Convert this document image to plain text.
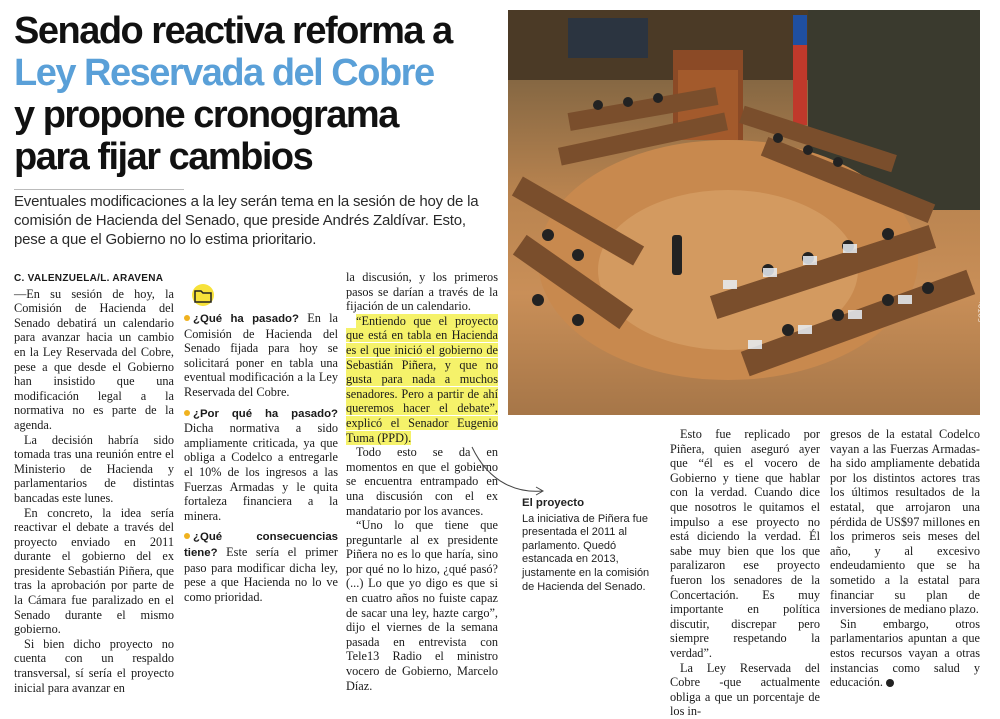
Senado reactiva reforma a
Ley Reservada del Cobre
y propone cronograma
para fijar cambios
Eventuales modificaciones a la ley serán tema en la sesión de hoy de la comisión de Hacienda del Senado, que preside Andrés Zaldívar. Esto, pese a que el Gobierno no lo estima prioritario.
FOTO: AGENCIAUNO
C. VALENZUELA/L. ARAVENA

—En su sesión de hoy, la Comisión de Hacienda del Senado debatirá un calendario para avanzar hacia un cambio en la Ley Reservada del Cobre, pese a que desde el Gobierno han insistido que una modificación legal a la normativa no es parte de la agenda.

La decisión habría sido tomada tras una reunión entre el Ministerio de Hacienda y parlamentarios de distintas bancadas este lunes.

En concreto, la idea sería reactivar el debate a través del proyecto enviado en 2011 durante el gobierno del ex presidente Sebastián Piñera, que tras la aprobación por parte de la Cámara fue paralizado en el Senado durante el mismo gobierno.

Si bien dicho proyecto no cuenta con un respaldo transversal, sí sería el proyecto inicial para avanzar en

¿Qué ha pasado? En la Comisión de Hacienda del Senado fijada para hoy se solicitará poner en tabla una eventual modificación a la Ley Reservada del Cobre.

¿Por qué ha pasado? Dicha normativa a sido ampliamente criticada, ya que obliga a Codelco a entregarle el 10% de los ingresos a las Fuerzas Armadas y le quita fortaleza financiera a la minera.

¿Qué consecuencias tiene? Este sería el primer paso para modificar dicha ley, pese a que Hacienda no lo ve como prioridad.

la discusión, y los primeros pasos se darían a través de la fijación de un calendario.

“Entiendo que el proyecto que está en tabla en Hacienda es el que inició el gobierno de Sebastián Piñera, y que no gusta para nada a muchos senadores. Pero a partir de ahí queremos hacer el debate”, explicó el Senador Eugenio Tuma (PPD).

Todo esto se da en momentos en que el gobierno se encuentra entrampado en una discusión con el ex mandatario por los avances.

“Uno lo que tiene que preguntarle al ex presidente Piñera no es lo que haría, sino por qué no lo hizo, ¿qué pasó? (...) Lo que yo digo es que si en cuatro años no fuiste capaz de sacar una ley, hazte cargo”, dijo el viernes de la semana pasada en entrevista con Tele13 Radio el ministro vocero de Gobierno, Marcelo Díaz.

El proyecto
La iniciativa de Piñera fue presentada el 2011 al parlamento. Quedó estancada en 2013, justamente en la comisión de Hacienda del Senado.

Esto fue replicado por Piñera, quien aseguró ayer que “él es el vocero de Gobierno y tiene que hablar con la verdad. Cuando dice que nosotros le quitamos el impulso a ese proyecto no está diciendo la verdad. Él sabe muy bien que los que paralizaron ese proyecto fueron los senadores de la Concertación. Es muy importante en política discutir, discrepar pero siempre respetando la verdad”.

La Ley Reservada del Cobre -que actualmente obliga a que un porcentaje de los in-

gresos de la estatal Codelco vayan a las Fuerzas Armadas- ha sido ampliamente debatida por los distintos actores tras los últimos resultados de la estatal, que arrojaron una pérdida de US$97 millones en los primeros seis meses del año, y al excesivo endeudamiento que se ha sometido a la estatal para financiar su plan de inversiones de mediano plazo.

Sin embargo, otros parlamentarios apuntan a que estos recursos vayan a otras instancias como salud y educación.
